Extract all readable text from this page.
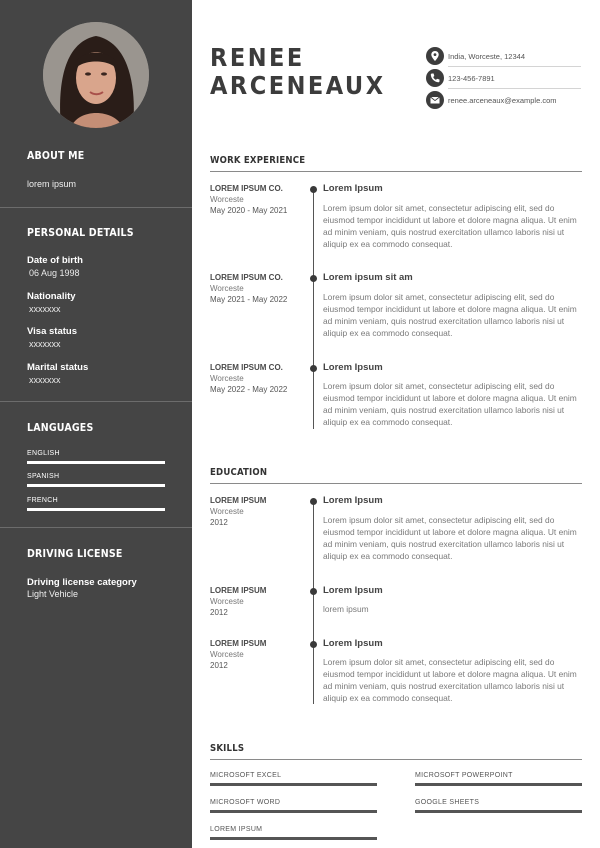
ABOUT ME
lorem ipsum
PERSONAL DETAILS
Date of birth
06 Aug 1998
Nationality
xxxxxxx
Visa status
xxxxxxx
Marital status
xxxxxxx
LANGUAGES
ENGLISH
SPANISH
FRENCH
DRIVING LICENSE
Driving license category
Light Vehicle
RENEE
ARCENEAUX
India, Worceste, 12344
123-456-7891
renee.arceneaux@example.com
WORK EXPERIENCE
LOREM IPSUM CO.
Worceste
May 2020 - May 2021
Lorem Ipsum
Lorem ipsum dolor sit amet, consectetur adipiscing elit, sed do eiusmod tempor incididunt ut labore et dolore magna aliqua. Ut enim ad minim veniam, quis nostrud exercitation ullamco laboris nisi ut aliquip ex ea commodo consequat.
LOREM IPSUM CO.
Worceste
May 2021 - May 2022
Lorem ipsum sit am
Lorem ipsum dolor sit amet, consectetur adipiscing elit, sed do eiusmod tempor incididunt ut labore et dolore magna aliqua. Ut enim ad minim veniam, quis nostrud exercitation ullamco laboris nisi ut aliquip ex ea commodo consequat.
LOREM IPSUM CO.
Worceste
May 2022 - May 2022
Lorem Ipsum
Lorem ipsum dolor sit amet, consectetur adipiscing elit, sed do eiusmod tempor incididunt ut labore et dolore magna aliqua. Ut enim ad minim veniam, quis nostrud exercitation ullamco laboris nisi ut aliquip ex ea commodo consequat.
EDUCATION
LOREM IPSUM
Worceste
2012
Lorem Ipsum
Lorem ipsum dolor sit amet, consectetur adipiscing elit, sed do eiusmod tempor incididunt ut labore et dolore magna aliqua. Ut enim ad minim veniam, quis nostrud exercitation ullamco laboris nisi ut aliquip ex ea commodo consequat.
LOREM IPSUM
Worceste
2012
Lorem Ipsum
lorem ipsum
LOREM IPSUM
Worceste
2012
Lorem Ipsum
Lorem ipsum dolor sit amet, consectetur adipiscing elit, sed do eiusmod tempor incididunt ut labore et dolore magna aliqua. Ut enim ad minim veniam, quis nostrud exercitation ullamco laboris nisi ut aliquip ex ea commodo consequat.
SKILLS
MICROSOFT EXCEL	MICROSOFT POWERPOINT
MICROSOFT WORD	GOOGLE SHEETS
LOREM IPSUM
